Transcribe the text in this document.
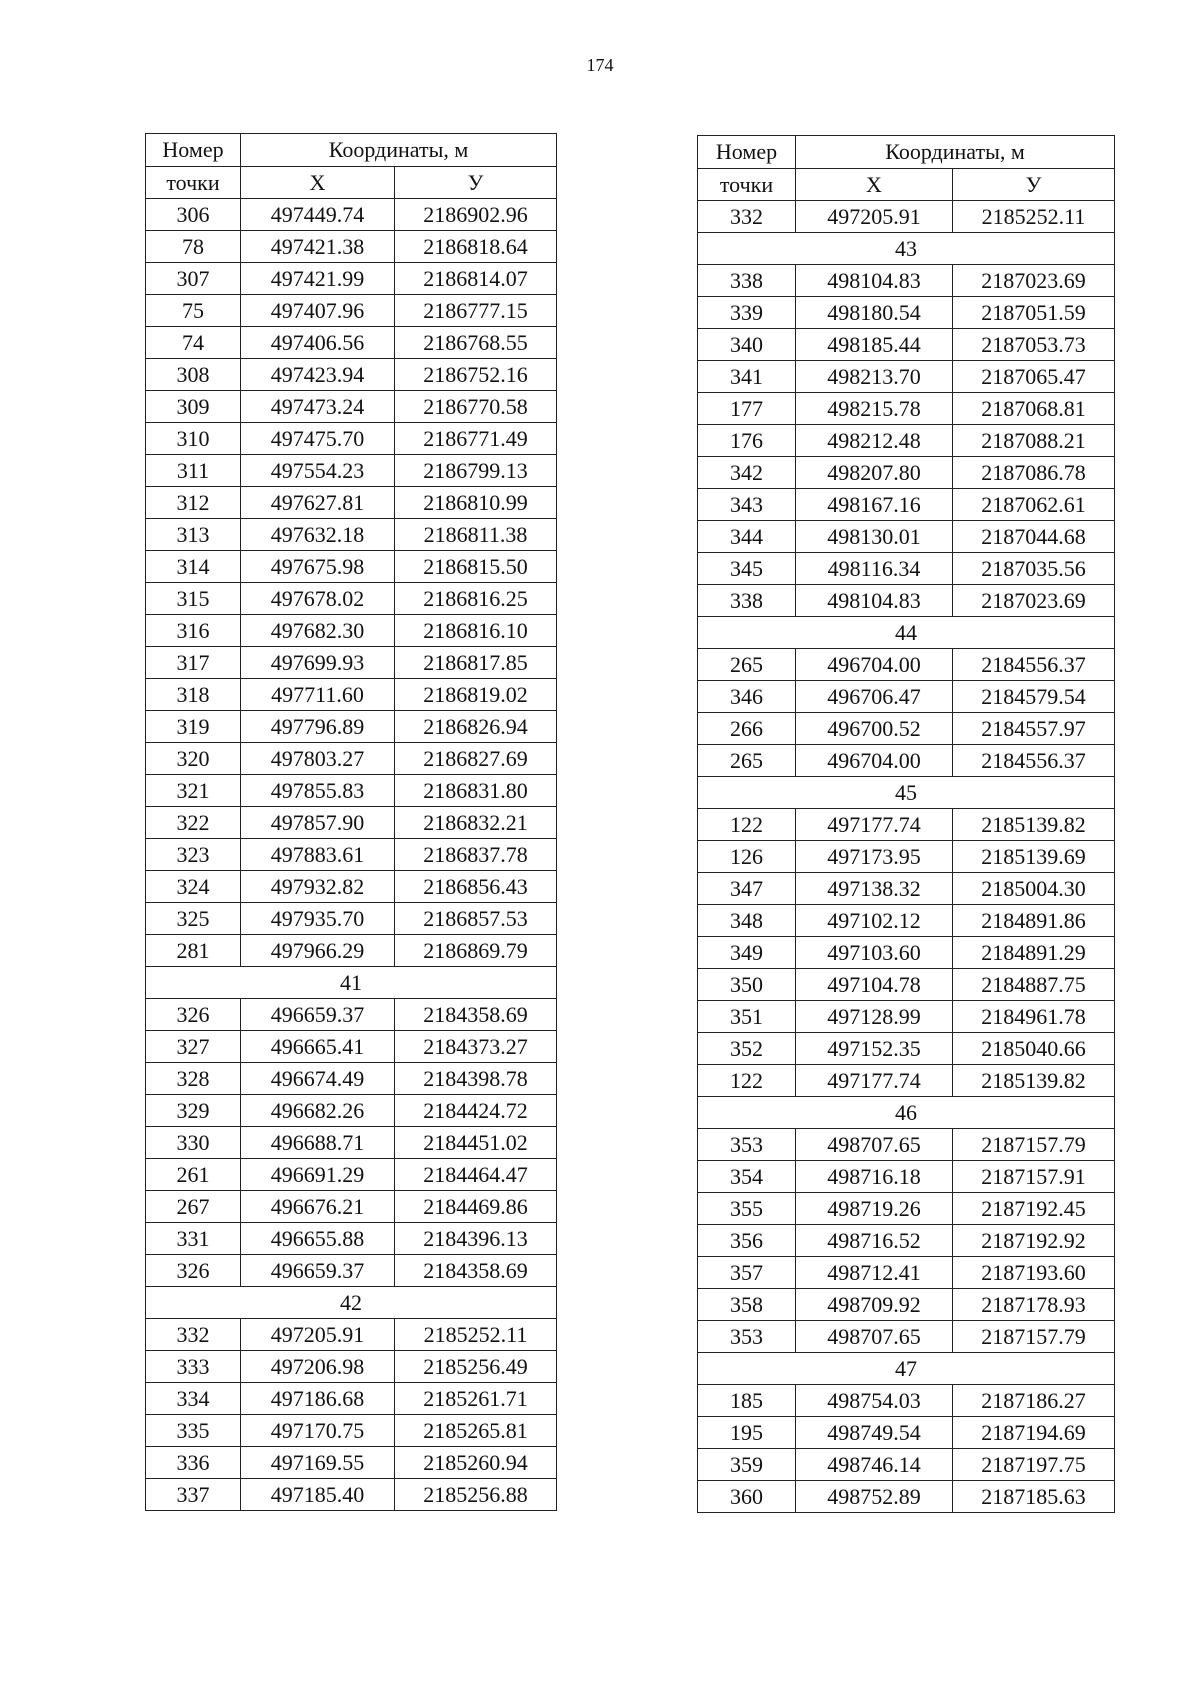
174
Номер	Координаты, м	
точки	X	У
306	497449.74	2186902.96
78	497421.38	2186818.64
307	497421.99	2186814.07
75	497407.96	2186777.15
74	497406.56	2186768.55
308	497423.94	2186752.16
309	497473.24	2186770.58
310	497475.70	2186771.49
311	497554.23	2186799.13
312	497627.81	2186810.99
313	497632.18	2186811.38
314	497675.98	2186815.50
315	497678.02	2186816.25
316	497682.30	2186816.10
317	497699.93	2186817.85
318	497711.60	2186819.02
319	497796.89	2186826.94
320	497803.27	2186827.69
321	497855.83	2186831.80
322	497857.90	2186832.21
323	497883.61	2186837.78
324	497932.82	2186856.43
325	497935.70	2186857.53
281	497966.29	2186869.79
41		
326	496659.37	2184358.69
327	496665.41	2184373.27
328	496674.49	2184398.78
329	496682.26	2184424.72
330	496688.71	2184451.02
261	496691.29	2184464.47
267	496676.21	2184469.86
331	496655.88	2184396.13
326	496659.37	2184358.69
42		
332	497205.91	2185252.11
333	497206.98	2185256.49
334	497186.68	2185261.71
335	497170.75	2185265.81
336	497169.55	2185260.94
337	497185.40	2185256.88
Номер	Координаты, м	
точки	X	У
332	497205.91	2185252.11
43		
338	498104.83	2187023.69
339	498180.54	2187051.59
340	498185.44	2187053.73
341	498213.70	2187065.47
177	498215.78	2187068.81
176	498212.48	2187088.21
342	498207.80	2187086.78
343	498167.16	2187062.61
344	498130.01	2187044.68
345	498116.34	2187035.56
338	498104.83	2187023.69
44		
265	496704.00	2184556.37
346	496706.47	2184579.54
266	496700.52	2184557.97
265	496704.00	2184556.37
45		
122	497177.74	2185139.82
126	497173.95	2185139.69
347	497138.32	2185004.30
348	497102.12	2184891.86
349	497103.60	2184891.29
350	497104.78	2184887.75
351	497128.99	2184961.78
352	497152.35	2185040.66
122	497177.74	2185139.82
46		
353	498707.65	2187157.79
354	498716.18	2187157.91
355	498719.26	2187192.45
356	498716.52	2187192.92
357	498712.41	2187193.60
358	498709.92	2187178.93
353	498707.65	2187157.79
47		
185	498754.03	2187186.27
195	498749.54	2187194.69
359	498746.14	2187197.75
360	498752.89	2187185.63
